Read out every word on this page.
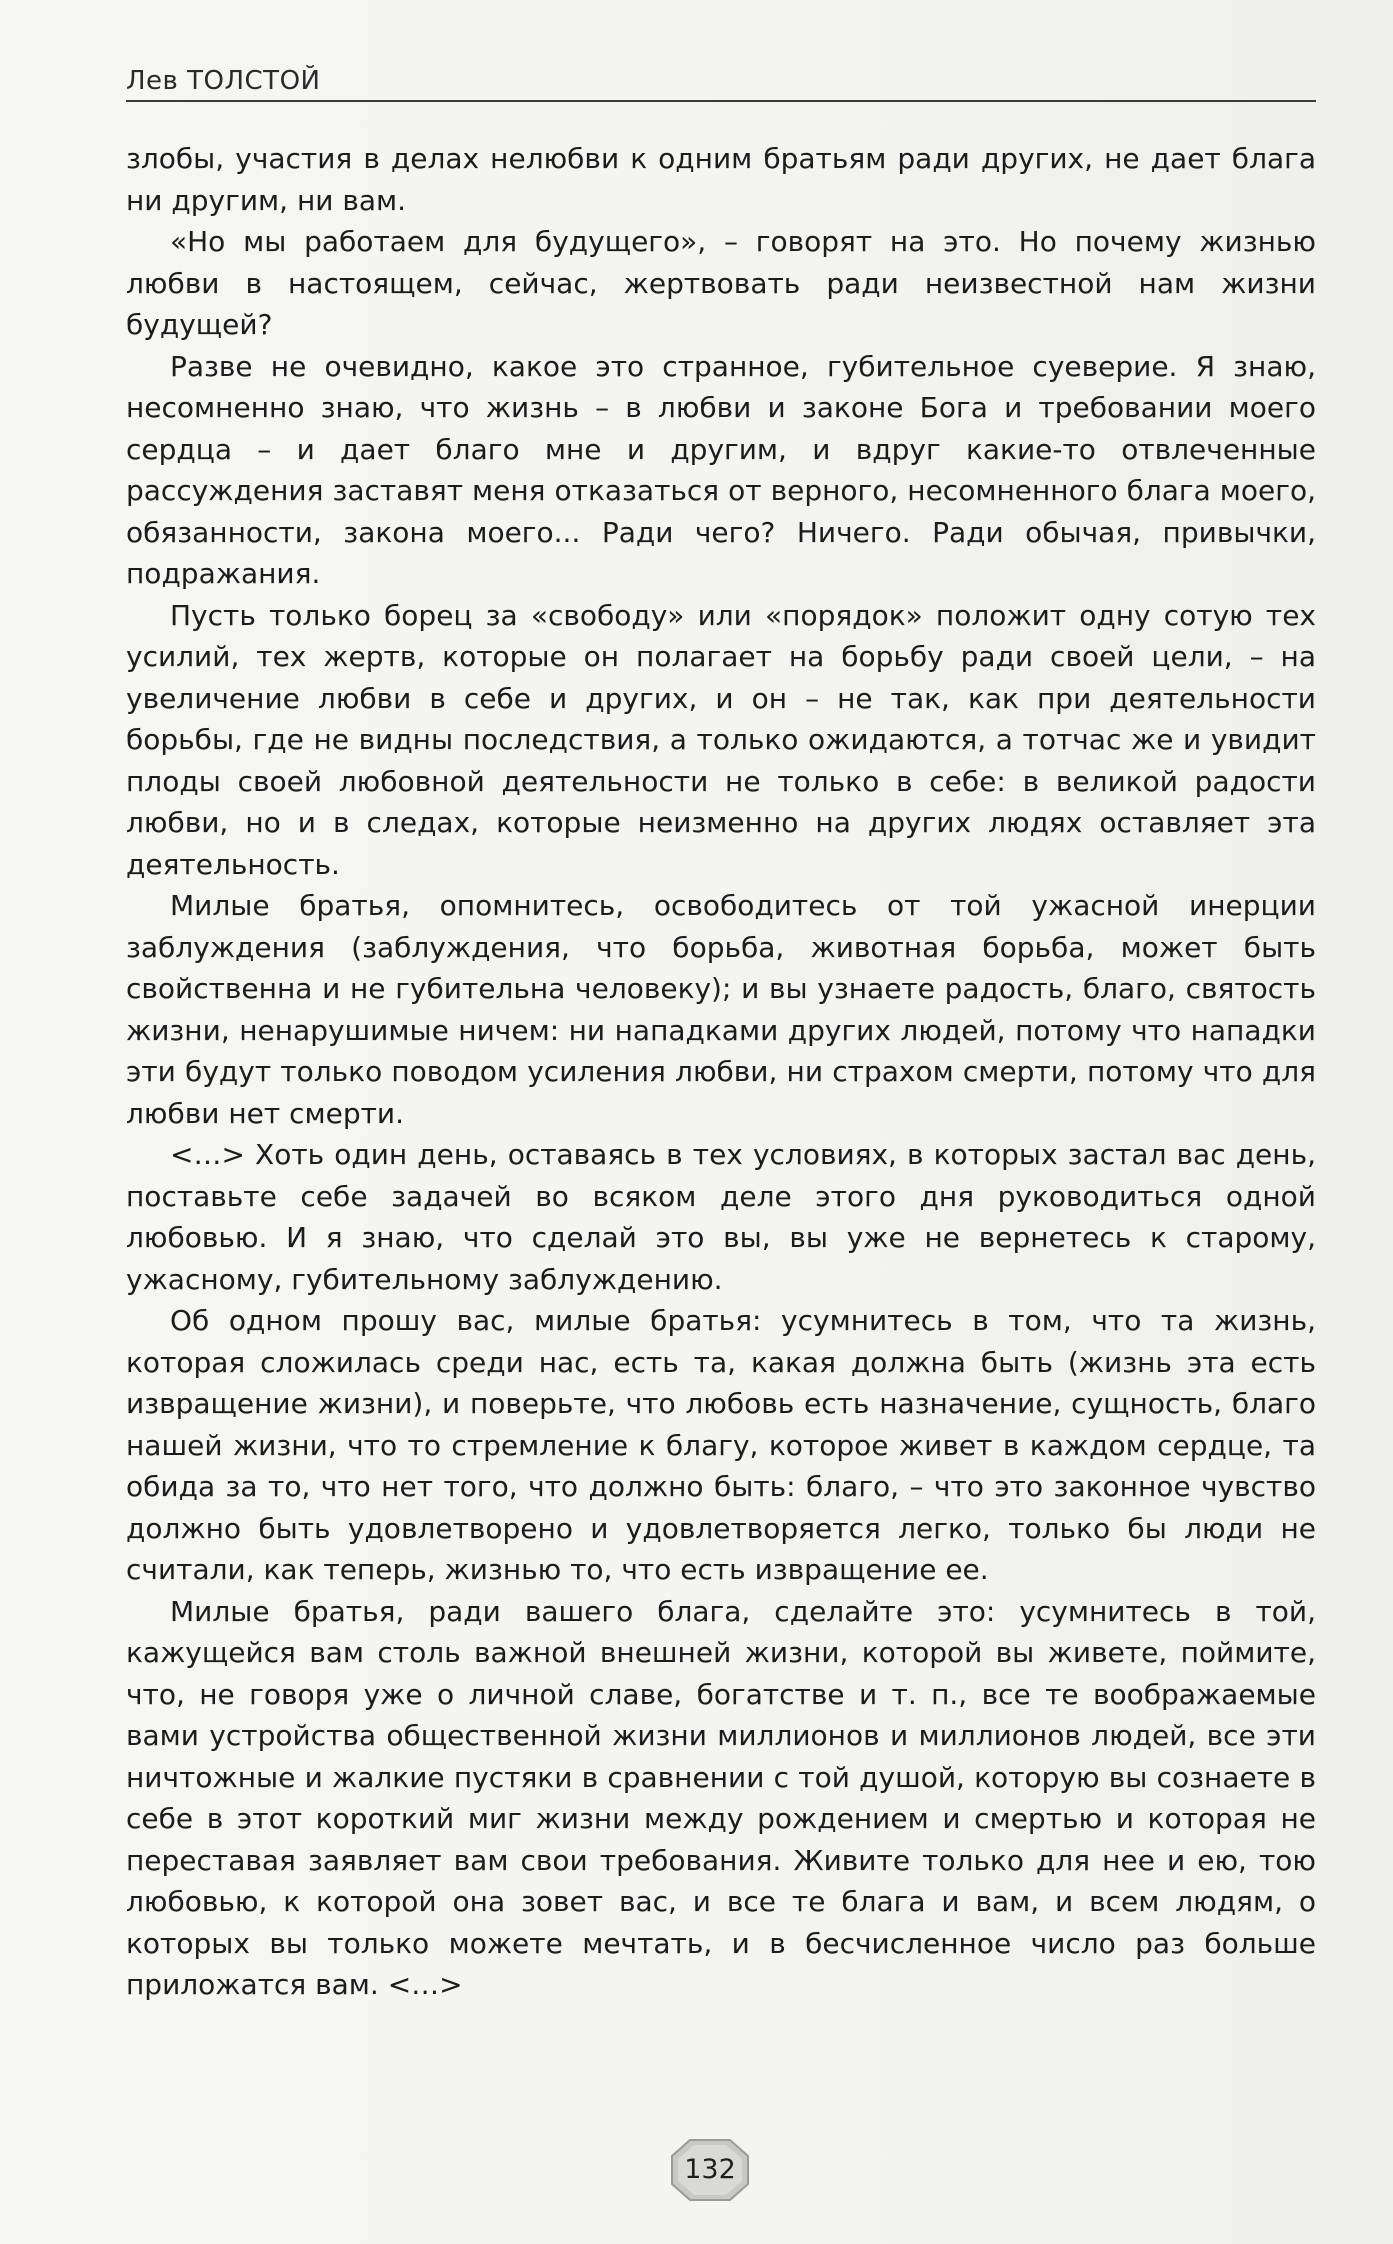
Лев ТОЛСТОЙ

злобы, участия в делах нелюбви к одним братьям ради других, не дает блага ни другим, ни вам.

«Но мы работаем для будущего», – говорят на это. Но почему жизнью любви в настоящем, сейчас, жертвовать ради неизвестной нам жизни будущей?

Разве не очевидно, какое это странное, губительное суеверие. Я знаю, несомненно знаю, что жизнь – в любви и законе Бога и требовании моего сердца – и дает благо мне и другим, и вдруг какие-то отвлеченные рассуждения заставят меня отказаться от верного, несомненного блага моего, обязанности, закона моего... Ради чего? Ничего. Ради обычая, привычки, подражания.

Пусть только борец за «свободу» или «порядок» положит одну сотую тех усилий, тех жертв, которые он полагает на борьбу ради своей цели, – на увеличение любви в себе и других, и он – не так, как при деятельности борьбы, где не видны последствия, а только ожидаются, а тотчас же и увидит плоды своей любовной деятельности не только в себе: в великой радости любви, но и в следах, которые неизменно на других людях оставляет эта деятельность.

Милые братья, опомнитесь, освободитесь от той ужасной инерции заблуждения (заблуждения, что борьба, животная борьба, может быть свойственна и не губительна человеку); и вы узнаете радость, благо, святость жизни, ненарушимые ничем: ни нападками других людей, потому что нападки эти будут только поводом усиления любви, ни страхом смерти, потому что для любви нет смерти.

<…> Хоть один день, оставаясь в тех условиях, в которых застал вас день, поставьте себе задачей во всяком деле этого дня руководиться одной любовью. И я знаю, что сделай это вы, вы уже не вернетесь к старому, ужасному, губительному заблуждению.

Об одном прошу вас, милые братья: усумнитесь в том, что та жизнь, которая сложилась среди нас, есть та, какая должна быть (жизнь эта есть извращение жизни), и поверьте, что любовь есть назначение, сущность, благо нашей жизни, что то стремление к благу, которое живет в каждом сердце, та обида за то, что нет того, что должно быть: благо, – что это законное чувство должно быть удовлетворено и удовлетворяется легко, только бы люди не считали, как теперь, жизнью то, что есть извращение ее.

Милые братья, ради вашего блага, сделайте это: усумнитесь в той, кажущейся вам столь важной внешней жизни, которой вы живете, поймите, что, не говоря уже о личной славе, богатстве и т. п., все те воображаемые вами устройства общественной жизни миллионов и миллионов людей, все эти ничтожные и жалкие пустяки в сравнении с той душой, которую вы сознаете в себе в этот короткий миг жизни между рождением и смертью и которая не переставая заявляет вам свои требования. Живите только для нее и ею, тою любовью, к которой она зовет вас, и все те блага и вам, и всем людям, о которых вы только можете мечтать, и в бесчисленное число раз больше приложатся вам. <…>

132
